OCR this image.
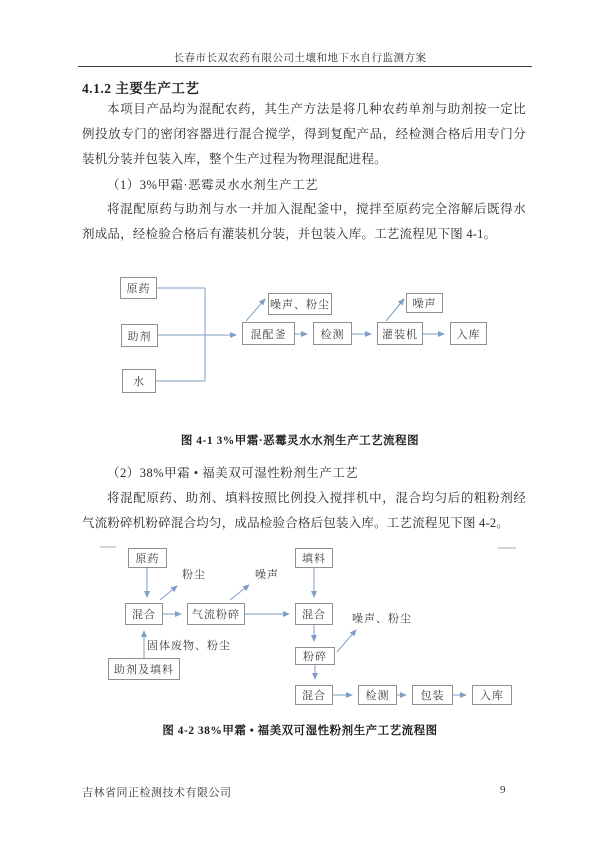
长春市长双农药有限公司土壤和地下水自行监测方案
4.1.2 主要生产工艺
本项目产品均为混配农药，其生产方法是将几种农药单剂与助剂按一定比例投放专门的密闭容器进行混合搅学，得到复配产品，经检测合格后用专门分装机分装并包装入库，整个生产过程为物理混配进程。
（1）3%甲霜·恶霉灵水水剂生产工艺
将混配原药与助剂与水一并加入混配釜中，搅拌至原药完全溶解后既得水剂成品，经检验合格后有灌装机分装，并包装入库。工艺流程见下图 4-1。
原药
助剂
水
噪声、粉尘
混配釜	检测	灌装机
噪声
入库
图 4-1 3%甲霜·恶霉灵水水剂生产工艺流程图
（2）38%甲霜 • 福美双可湿性粉剂生产工艺
将混配原药、助剂、填料按照比例投入搅拌机中，混合均匀后的粗粉剂经气流粉碎机粉碎混合均匀，成品检验合格后包装入库。工艺流程见下图 4-2。
原药	填料
混合	气流粉碎	混合
粉碎
混合	检测	包装	入库
助剂及填料
粉尘	噪声
噪声、粉尘
固体废物、粉尘
图 4-2 38%甲霜 • 福美双可湿性粉剂生产工艺流程图
吉林省同正检测技术有限公司	9
